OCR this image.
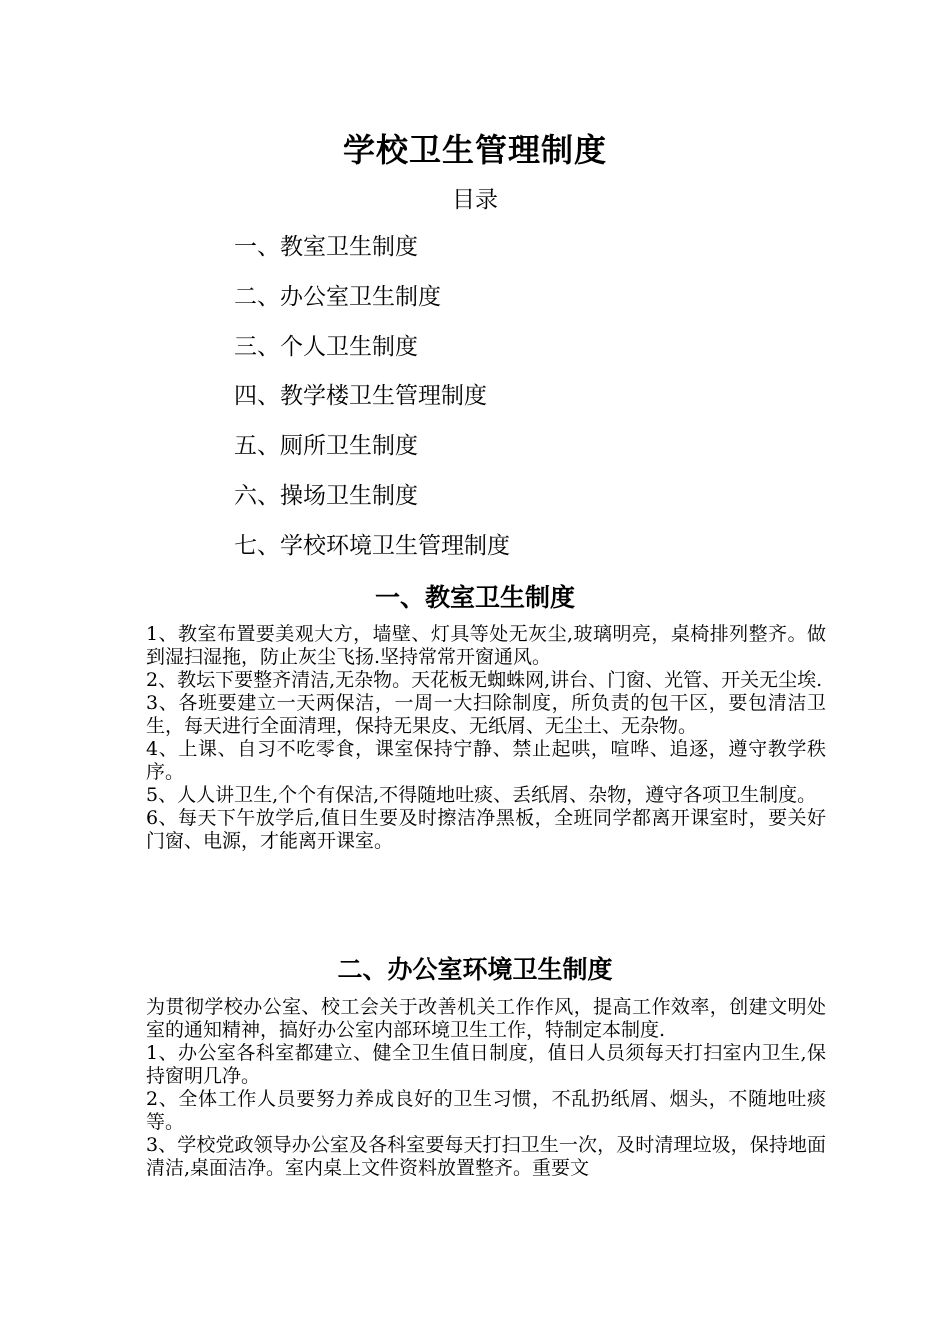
学校卫生管理制度
目录
一、教室卫生制度
二、办公室卫生制度
三、个人卫生制度
四、教学楼卫生管理制度
五、厕所卫生制度
六、操场卫生制度
七、学校环境卫生管理制度
一、教室卫生制度

1、教室布置要美观大方，墙壁、灯具等处无灰尘,玻璃明亮，桌椅排列整齐。做到湿扫湿拖，防止灰尘飞扬.坚持常常开窗通风。

2、教坛下要整齐清洁,无杂物。天花板无蜘蛛网,讲台、门窗、光管、开关无尘埃.

3、各班要建立一天两保洁，一周一大扫除制度，所负责的包干区，要包清洁卫生，每天进行全面清理，保持无果皮、无纸屑、无尘土、无杂物。

4、上课、自习不吃零食，课室保持宁静、禁止起哄，喧哗、追逐，遵守教学秩序。

5、人人讲卫生,个个有保洁,不得随地吐痰、丢纸屑、杂物，遵守各项卫生制度。

6、每天下午放学后,值日生要及时擦洁净黑板，全班同学都离开课室时，要关好门窗、电源，才能离开课室。

二、办公室环境卫生制度

为贯彻学校办公室、校工会关于改善机关工作作风，提高工作效率，创建文明处室的通知精神，搞好办公室内部环境卫生工作，特制定本制度.

1、办公室各科室都建立、健全卫生值日制度，值日人员须每天打扫室内卫生,保持窗明几净。

2、全体工作人员要努力养成良好的卫生习惯，不乱扔纸屑、烟头，不随地吐痰等。

3、学校党政领导办公室及各科室要每天打扫卫生一次，及时清理垃圾，保持地面清洁,桌面洁净。室内桌上文件资料放置整齐。重要文
